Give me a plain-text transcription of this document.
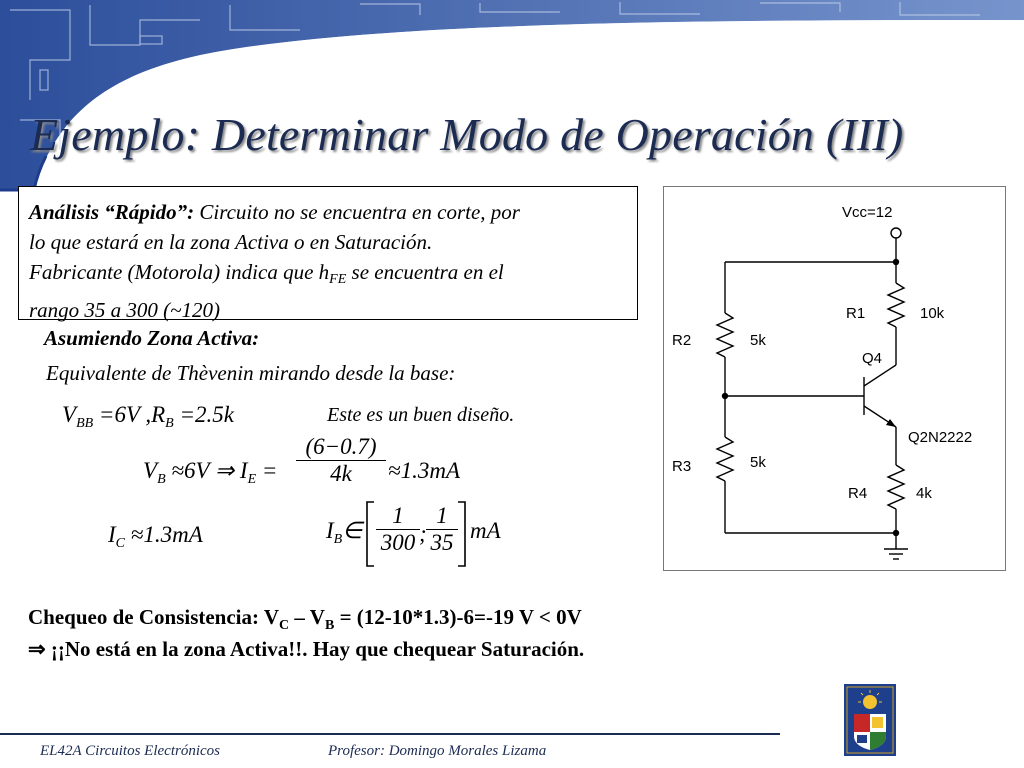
Ejemplo: Determinar Modo de Operación (III)
Análisis “Rápido”: Circuito no se encuentra en corte, por
lo que estará en la zona Activa o en Saturación.
Fabricante (Motorola) indica que hFE se encuentra en el
rango 35 a 300 (~120)
Asumiendo Zona Activa:
Equivalente de Thèvenin mirando desde la base:
$V_{BB} =6V$ $,R_B =2.5k$	Este es un buen diseño.
$V_B \approx 6V$ ⇒ $I_E = \frac{(6-0.7)}{4k} \approx 1.3mA$
$I_C \approx 1.3mA$	$I_B\in \frac{1}{300}$ ; $\frac{1}{35}$ mA
Vcc=12
R1	10k
R2	5k
Q4
Q2N2222
R3	5k
R4	4k
Chequeo de Consistencia: $V_C - V_B = (12-10*1.3)-6=-19$ V < 0V
⇒ ¡¡No está en la zona Activa!!. Hay que chequear Saturación.
EL42A Circuitos Electrónicos	Profesor: Domingo Morales Lizama
